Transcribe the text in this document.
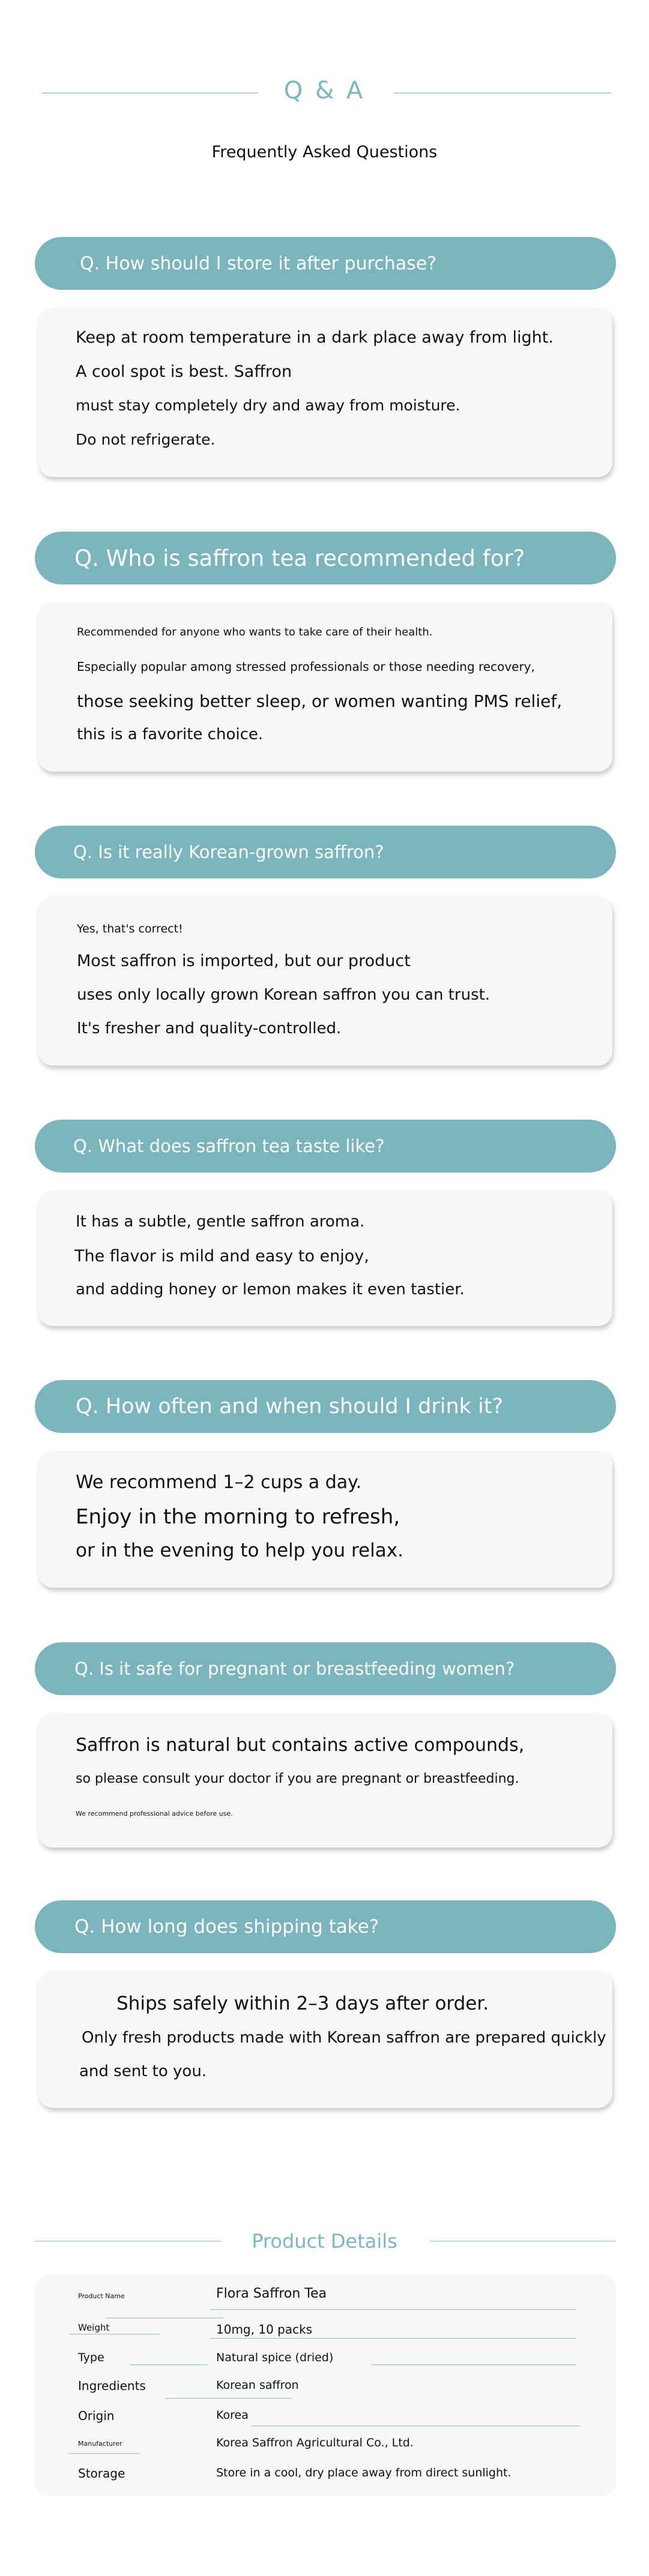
Q & A
Frequently Asked Questions
Q. How should I store it after purchase?
Keep at room temperature in a dark place away from light.
A cool spot is best. Saffron
must stay completely dry and away from moisture.
Do not refrigerate.
Q. Who is saffron tea recommended for?
Recommended for anyone who wants to take care of their health.
Especially popular among stressed professionals or those needing recovery,
those seeking better sleep, or women wanting PMS relief,
this is a favorite choice.
Q. Is it really Korean-grown saffron?
Yes, that's correct!
Most saffron is imported, but our product
uses only locally grown Korean saffron you can trust.
It's fresher and quality-controlled.
Q. What does saffron tea taste like?
It has a subtle, gentle saffron aroma.
The flavor is mild and easy to enjoy,
and adding honey or lemon makes it even tastier.
Q. How often and when should I drink it?
We recommend 1–2 cups a day.
Enjoy in the morning to refresh,
or in the evening to help you relax.
Q. Is it safe for pregnant or breastfeeding women?
Saffron is natural but contains active compounds,
so please consult your doctor if you are pregnant or breastfeeding.
We recommend professional advice before use.
Q. How long does shipping take?
Ships safely within 2–3 days after order.
Only fresh products made with Korean saffron are prepared quickly
and sent to you.
Product Details
Product Name	Flora Saffron Tea
Weight	10mg, 10 packs
Type	Natural spice (dried)
Ingredients	Korean saffron
Origin	Korea
Manufacturer	Korea Saffron Agricultural Co., Ltd.
Storage	Store in a cool, dry place away from direct sunlight.
